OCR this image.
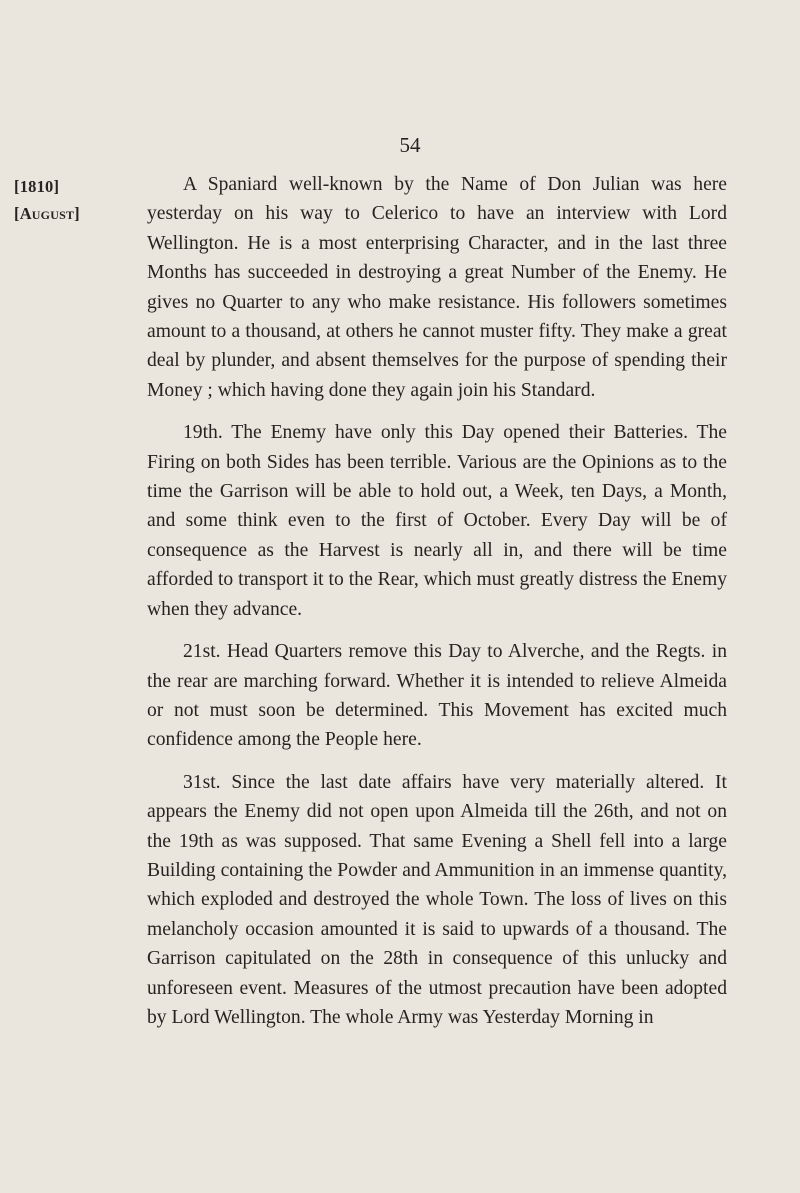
54
[1810]
[August]

A Spaniard well-known by the Name of Don Julian was here yesterday on his way to Celerico to have an interview with Lord Wellington. He is a most enterprising Character, and in the last three Months has succeeded in destroying a great Number of the Enemy. He gives no Quarter to any who make resistance. His followers sometimes amount to a thousand, at others he cannot muster fifty. They make a great deal by plunder, and absent themselves for the purpose of spending their Money ; which having done they again join his Standard.

19th. The Enemy have only this Day opened their Batteries. The Firing on both Sides has been terrible. Various are the Opinions as to the time the Garrison will be able to hold out, a Week, ten Days, a Month, and some think even to the first of October. Every Day will be of consequence as the Harvest is nearly all in, and there will be time afforded to transport it to the Rear, which must greatly distress the Enemy when they advance.

21st. Head Quarters remove this Day to Alverche, and the Regts. in the rear are marching forward. Whether it is intended to relieve Almeida or not must soon be determined. This Movement has excited much confidence among the People here.

31st. Since the last date affairs have very materially altered. It appears the Enemy did not open upon Almeida till the 26th, and not on the 19th as was supposed. That same Evening a Shell fell into a large Building containing the Powder and Ammunition in an immense quantity, which exploded and destroyed the whole Town. The loss of lives on this melancholy occasion amounted it is said to upwards of a thousand. The Garrison capitulated on the 28th in consequence of this unlucky and unforeseen event. Measures of the utmost precaution have been adopted by Lord Wellington. The whole Army was Yesterday Morning in
